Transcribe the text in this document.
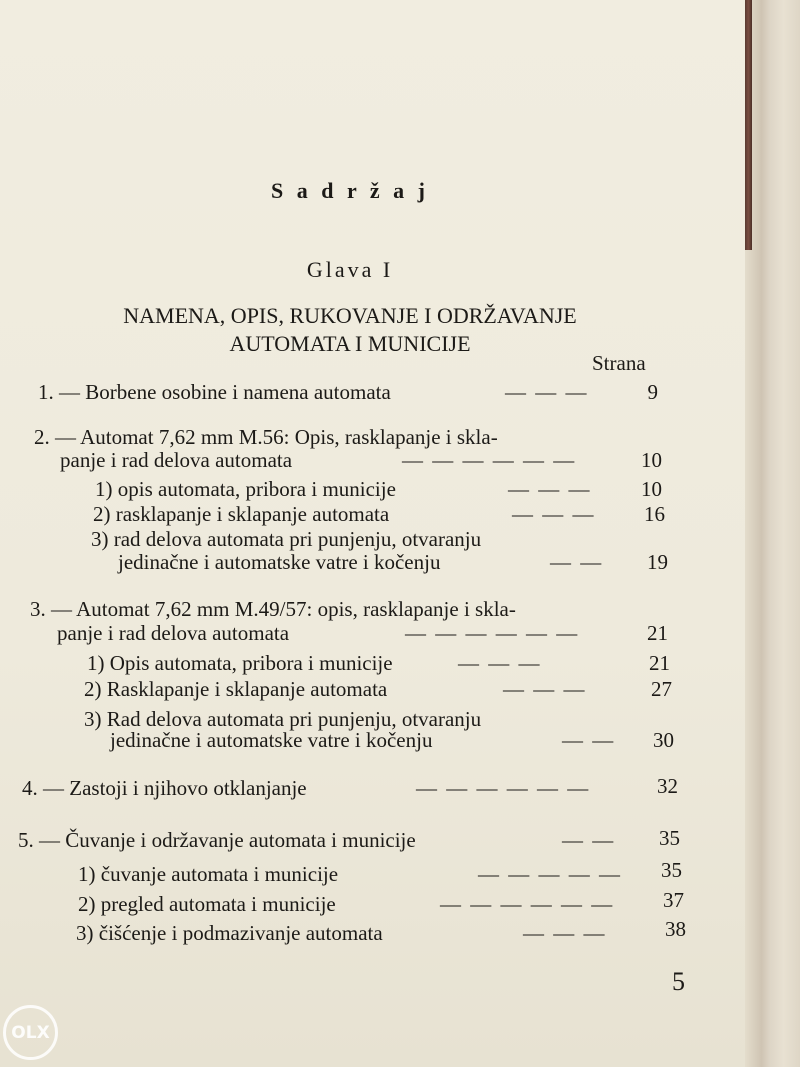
S a d r ž a j
Glava I
NAMENA, OPIS, RUKOVANJE I ODRŽAVANJE
AUTOMATA I MUNICIJE
Strana
1. — Borbene osobine i namena automata	— — —	9
2. — Automat 7,62 mm M.56: Opis, rasklapanje i skla-
panje i rad delova automata	— — — — — —	10
1) opis automata, pribora i municije	— — —	10
2) rasklapanje i sklapanje automata	— — —	16
3) rad delova automata pri punjenju, otvaranju
jedinačne i automatske vatre i kočenju	— —	19
3. — Automat 7,62 mm M.49/57: opis, rasklapanje i skla-
panje i rad delova automata	— — — — — —	21
1) Opis automata, pribora i municije	— — —	21
2) Rasklapanje i sklapanje automata	— — —	27
3) Rad delova automata pri punjenju, otvaranju
jedinačne i automatske vatre i kočenju	— —	30
4. — Zastoji i njihovo otklanjanje	— — — — — —	32
5. — Čuvanje i održavanje automata i municije	— —	35
1) čuvanje automata i municije	— — — — —	35
2) pregled automata i municije	— — — — — —	37
3) čišćenje i podmazivanje automata	— — —	38
5
OLX
